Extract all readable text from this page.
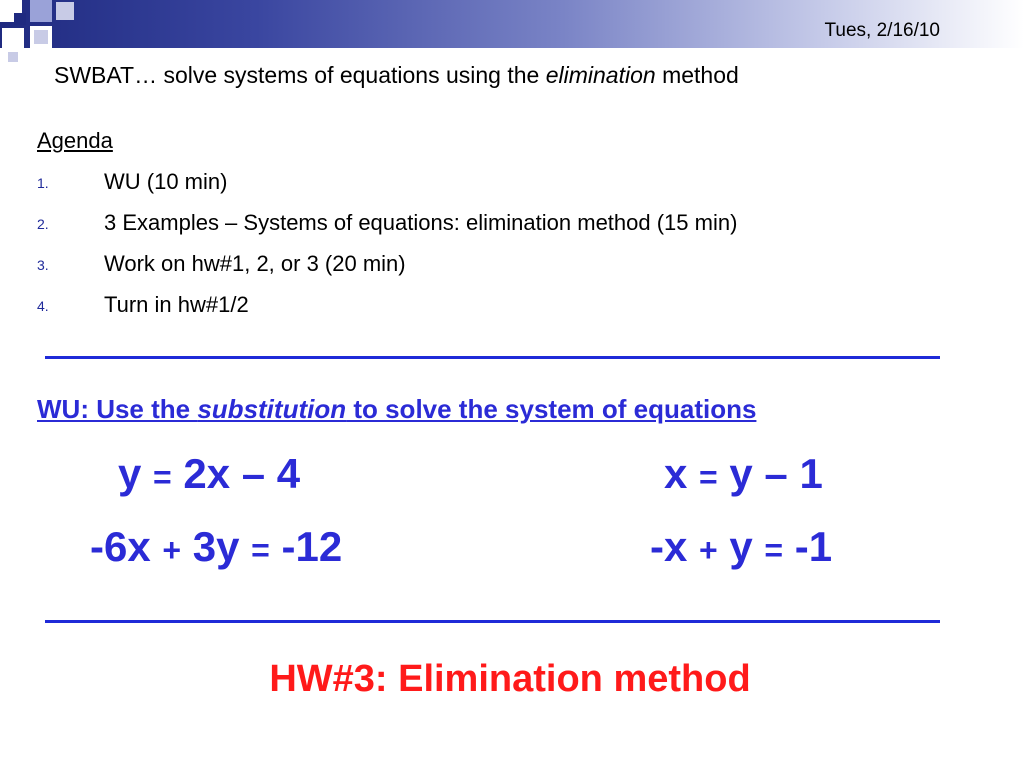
Tues, 2/16/10
SWBAT… solve systems of equations using the elimination method
Agenda
1.	WU (10 min)
2.	3 Examples – Systems of equations: elimination method (15 min)
3.	Work on hw#1, 2, or 3 (20 min)
4.	Turn in hw#1/2
WU: Use the substitution to solve the system of equations
y = 2x – 4
-6x + 3y = -12
x = y – 1
-x + y = -1
HW#3: Elimination method
